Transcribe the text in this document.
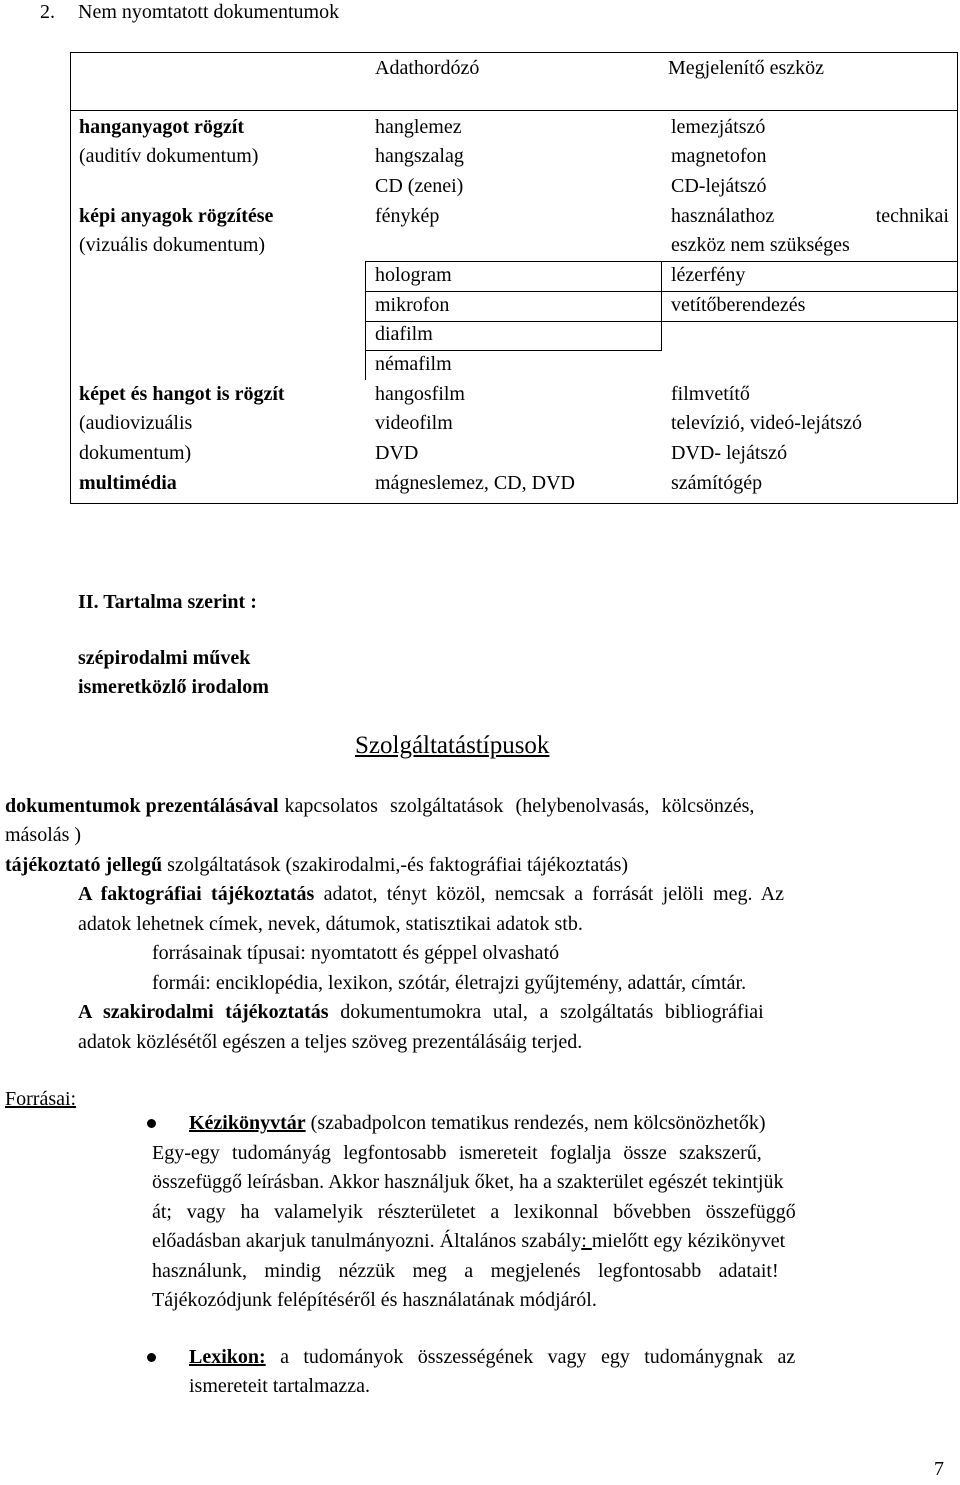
2. Nem nyomtatott dokumentumok
Adathordózó	Megjelenítő eszköz
hanganyagot rögzít
(auditív dokumentum)
képi anyagok rögzítése
(vizuális dokumentum)
képet és hangot is rögzít
(audiovizuális
dokumentum)
multimédia
hanglemez
hangszalag
CD (zenei)
fénykép
hologram
mikrofon
diafilm
némafilm
hangosfilm
videofilm
DVD
mágneslemez, CD, DVD
lemezjátszó
magnetofon
CD-lejátszó
használathoz	technikai
eszköz nem szükséges
lézerfény
vetítőberendezés
filmvetítő
televízió, videó-lejátszó
DVD- lejátszó
számítógép
II. Tartalma szerint :
szépirodalmi művek
ismeretközlő irodalom
Szolgáltatástípusok
dokumentumok prezentálásával kapcsolatos szolgáltatások (helybenolvasás, kölcsönzés,
másolás )
tájékoztató jellegű szolgáltatások (szakirodalmi,-és faktográfiai tájékoztatás)
A faktográfiai tájékoztatás adatot, tényt közöl, nemcsak a forrását jelöli meg. Az
adatok lehetnek címek, nevek, dátumok, statisztikai adatok stb.
forrásainak típusai: nyomtatott és géppel olvasható
formái: enciklopédia, lexikon, szótár, életrajzi gyűjtemény, adattár, címtár.
A szakirodalmi tájékoztatás dokumentumokra utal, a szolgáltatás bibliográfiai
adatok közlésétől egészen a teljes szöveg prezentálásáig terjed.
Forrásai:
Kézikönyvtár (szabadpolcon tematikus rendezés, nem kölcsönözhetők)
Egy-egy tudományág legfontosabb ismereteit foglalja össze szakszerű,
összefüggő leírásban. Akkor használjuk őket, ha a szakterület egészét tekintjük
át; vagy ha valamelyik részterületet a lexikonnal bővebben összefüggő
előadásban akarjuk tanulmányozni. Általános szabály: mielőtt egy kézikönyvet
használunk, mindig nézzük meg a megjelenés legfontosabb adatait!
Tájékozódjunk felépítéséről és használatának módjáról.
Lexikon: a tudományok összességének vagy egy tudománygnak az
ismereteit tartalmazza.
7
